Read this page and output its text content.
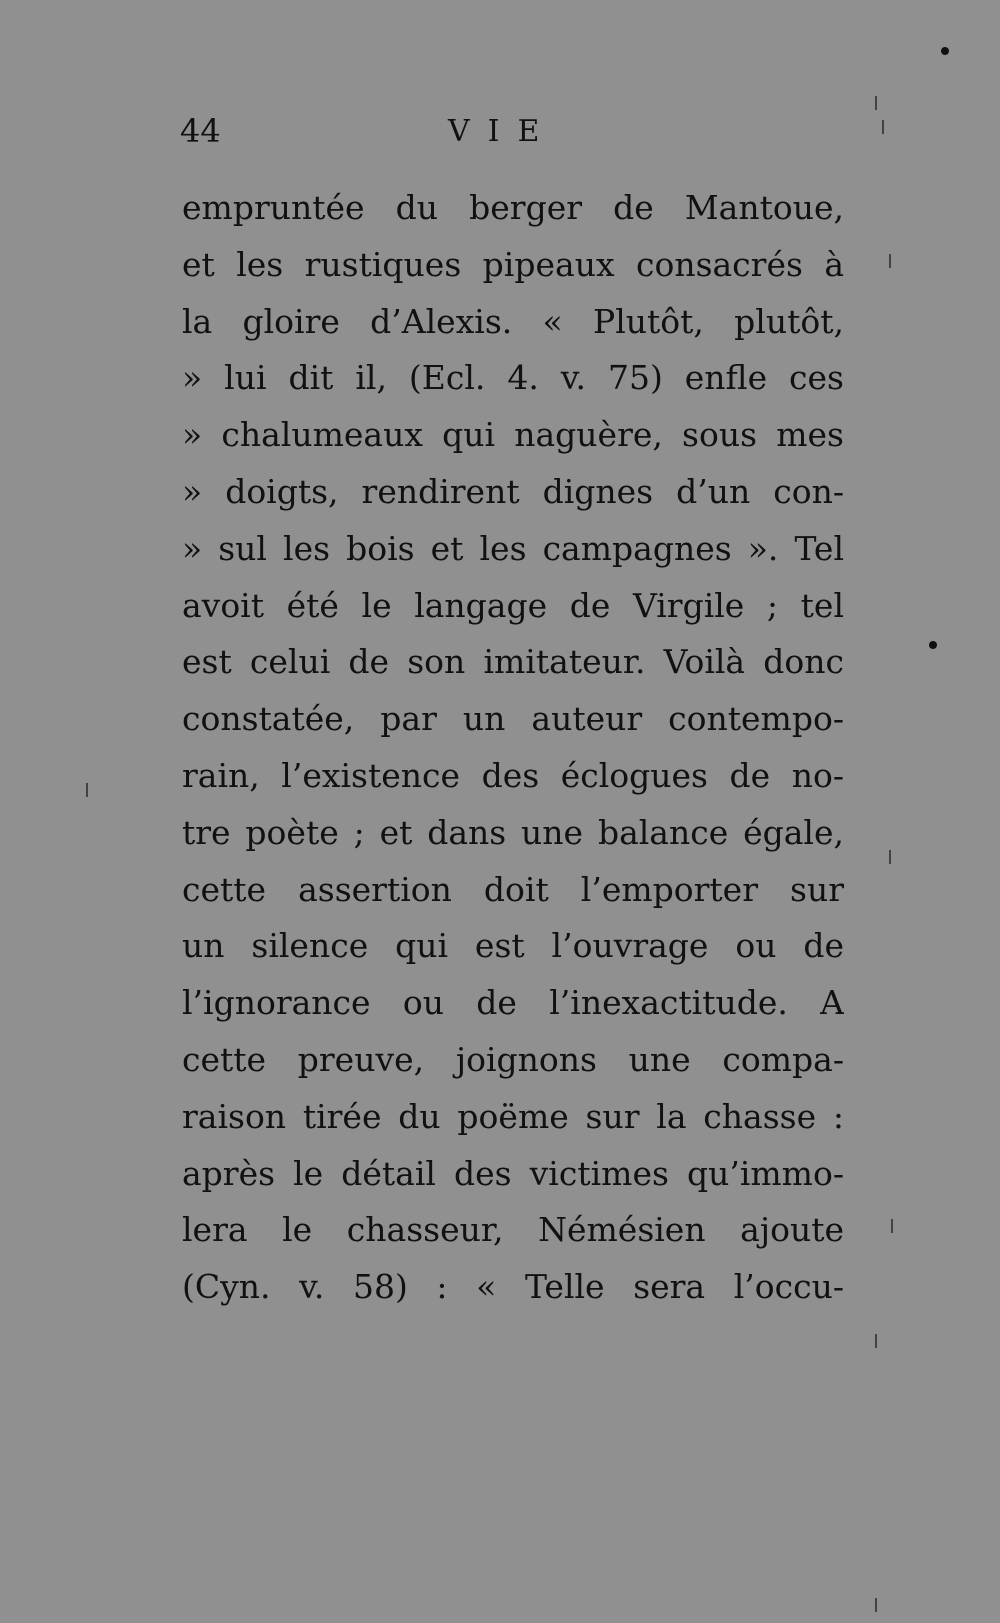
44	VIE
empruntée du berger de Mantoue,
et les rustiques pipeaux consacrés à
la gloire d’Alexis. « Plutôt, plutôt,
» lui dit il, (Ecl. 4. v. 75) enfle ces
» chalumeaux qui naguère, sous mes
» doigts, rendirent dignes d’un con-
» sul les bois et les campagnes ». Tel
avoit été le langage de Virgile ; tel
est celui de son imitateur. Voilà donc
constatée, par un auteur contempo-
rain, l’existence des éclogues de no-
tre poète ; et dans une balance égale,
cette assertion doit l’emporter sur
un silence qui est l’ouvrage ou de
l’ignorance ou de l’inexactitude. A
cette preuve, joignons une compa-
raison tirée du poëme sur la chasse :
après le détail des victimes qu’immo-
lera le chasseur, Némésien ajoute
(Cyn. v. 58) : « Telle sera l’occu-
